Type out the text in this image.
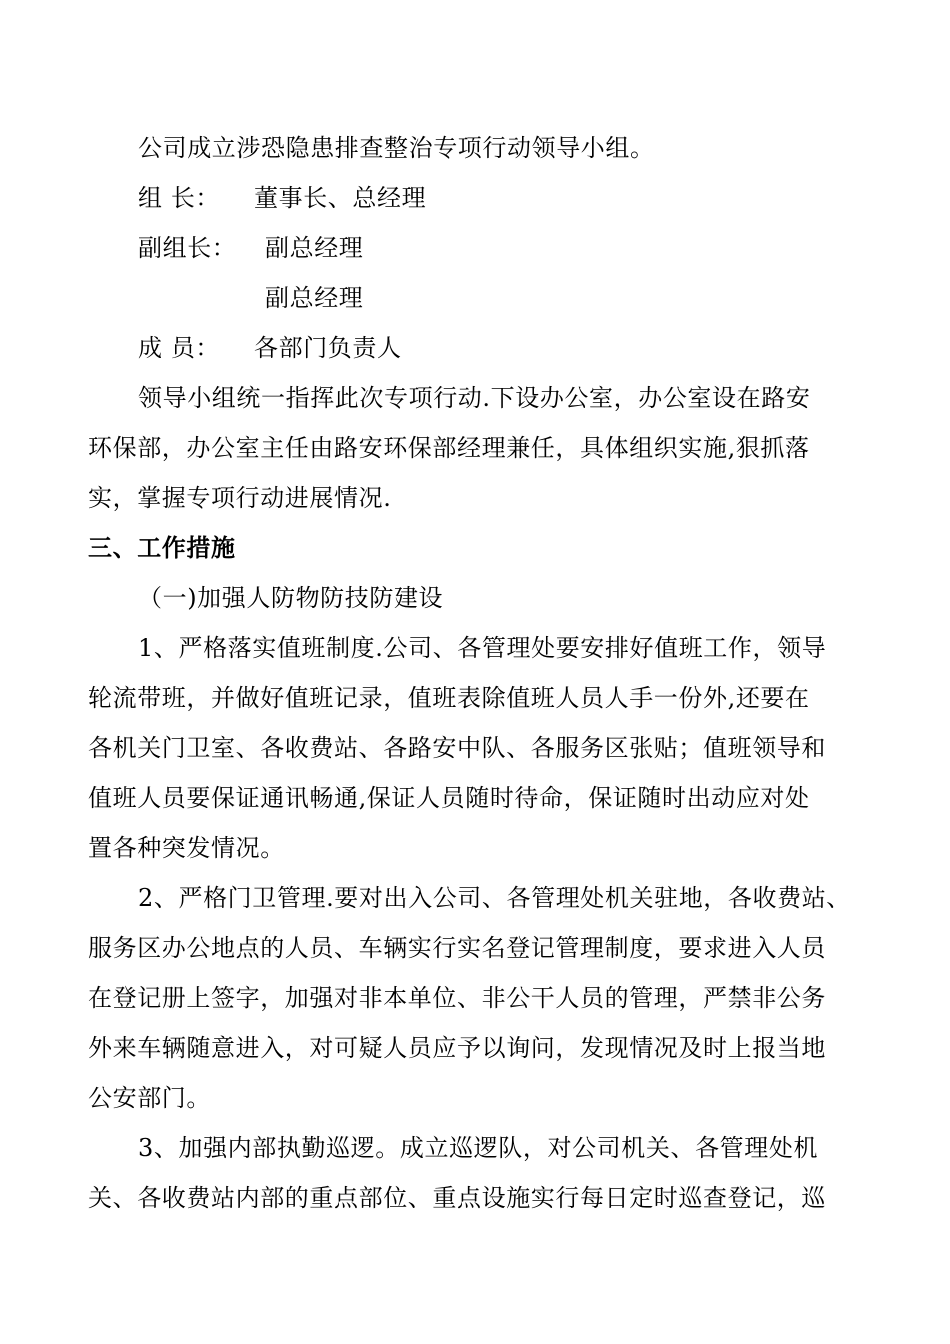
公司成立涉恐隐患排查整治专项行动领导小组。
组 长： 董事长、总经理
副组长： 副总经理
副总经理
成 员： 各部门负责人
领导小组统一指挥此次专项行动.下设办公室，办公室设在路安
环保部，办公室主任由路安环保部经理兼任，具体组织实施,狠抓落
实，掌握专项行动进展情况.
三、工作措施
（一)加强人防物防技防建设
1、严格落实值班制度.公司、各管理处要安排好值班工作，领导
轮流带班，并做好值班记录，值班表除值班人员人手一份外,还要在
各机关门卫室、各收费站、各路安中队、各服务区张贴；值班领导和
值班人员要保证通讯畅通,保证人员随时待命，保证随时出动应对处
置各种突发情况。
2、严格门卫管理.要对出入公司、各管理处机关驻地，各收费站、
服务区办公地点的人员、车辆实行实名登记管理制度，要求进入人员
在登记册上签字，加强对非本单位、非公干人员的管理，严禁非公务
外来车辆随意进入，对可疑人员应予以询问，发现情况及时上报当地
公安部门。
3、加强内部执勤巡逻。成立巡逻队，对公司机关、各管理处机
关、各收费站内部的重点部位、重点设施实行每日定时巡查登记，巡
